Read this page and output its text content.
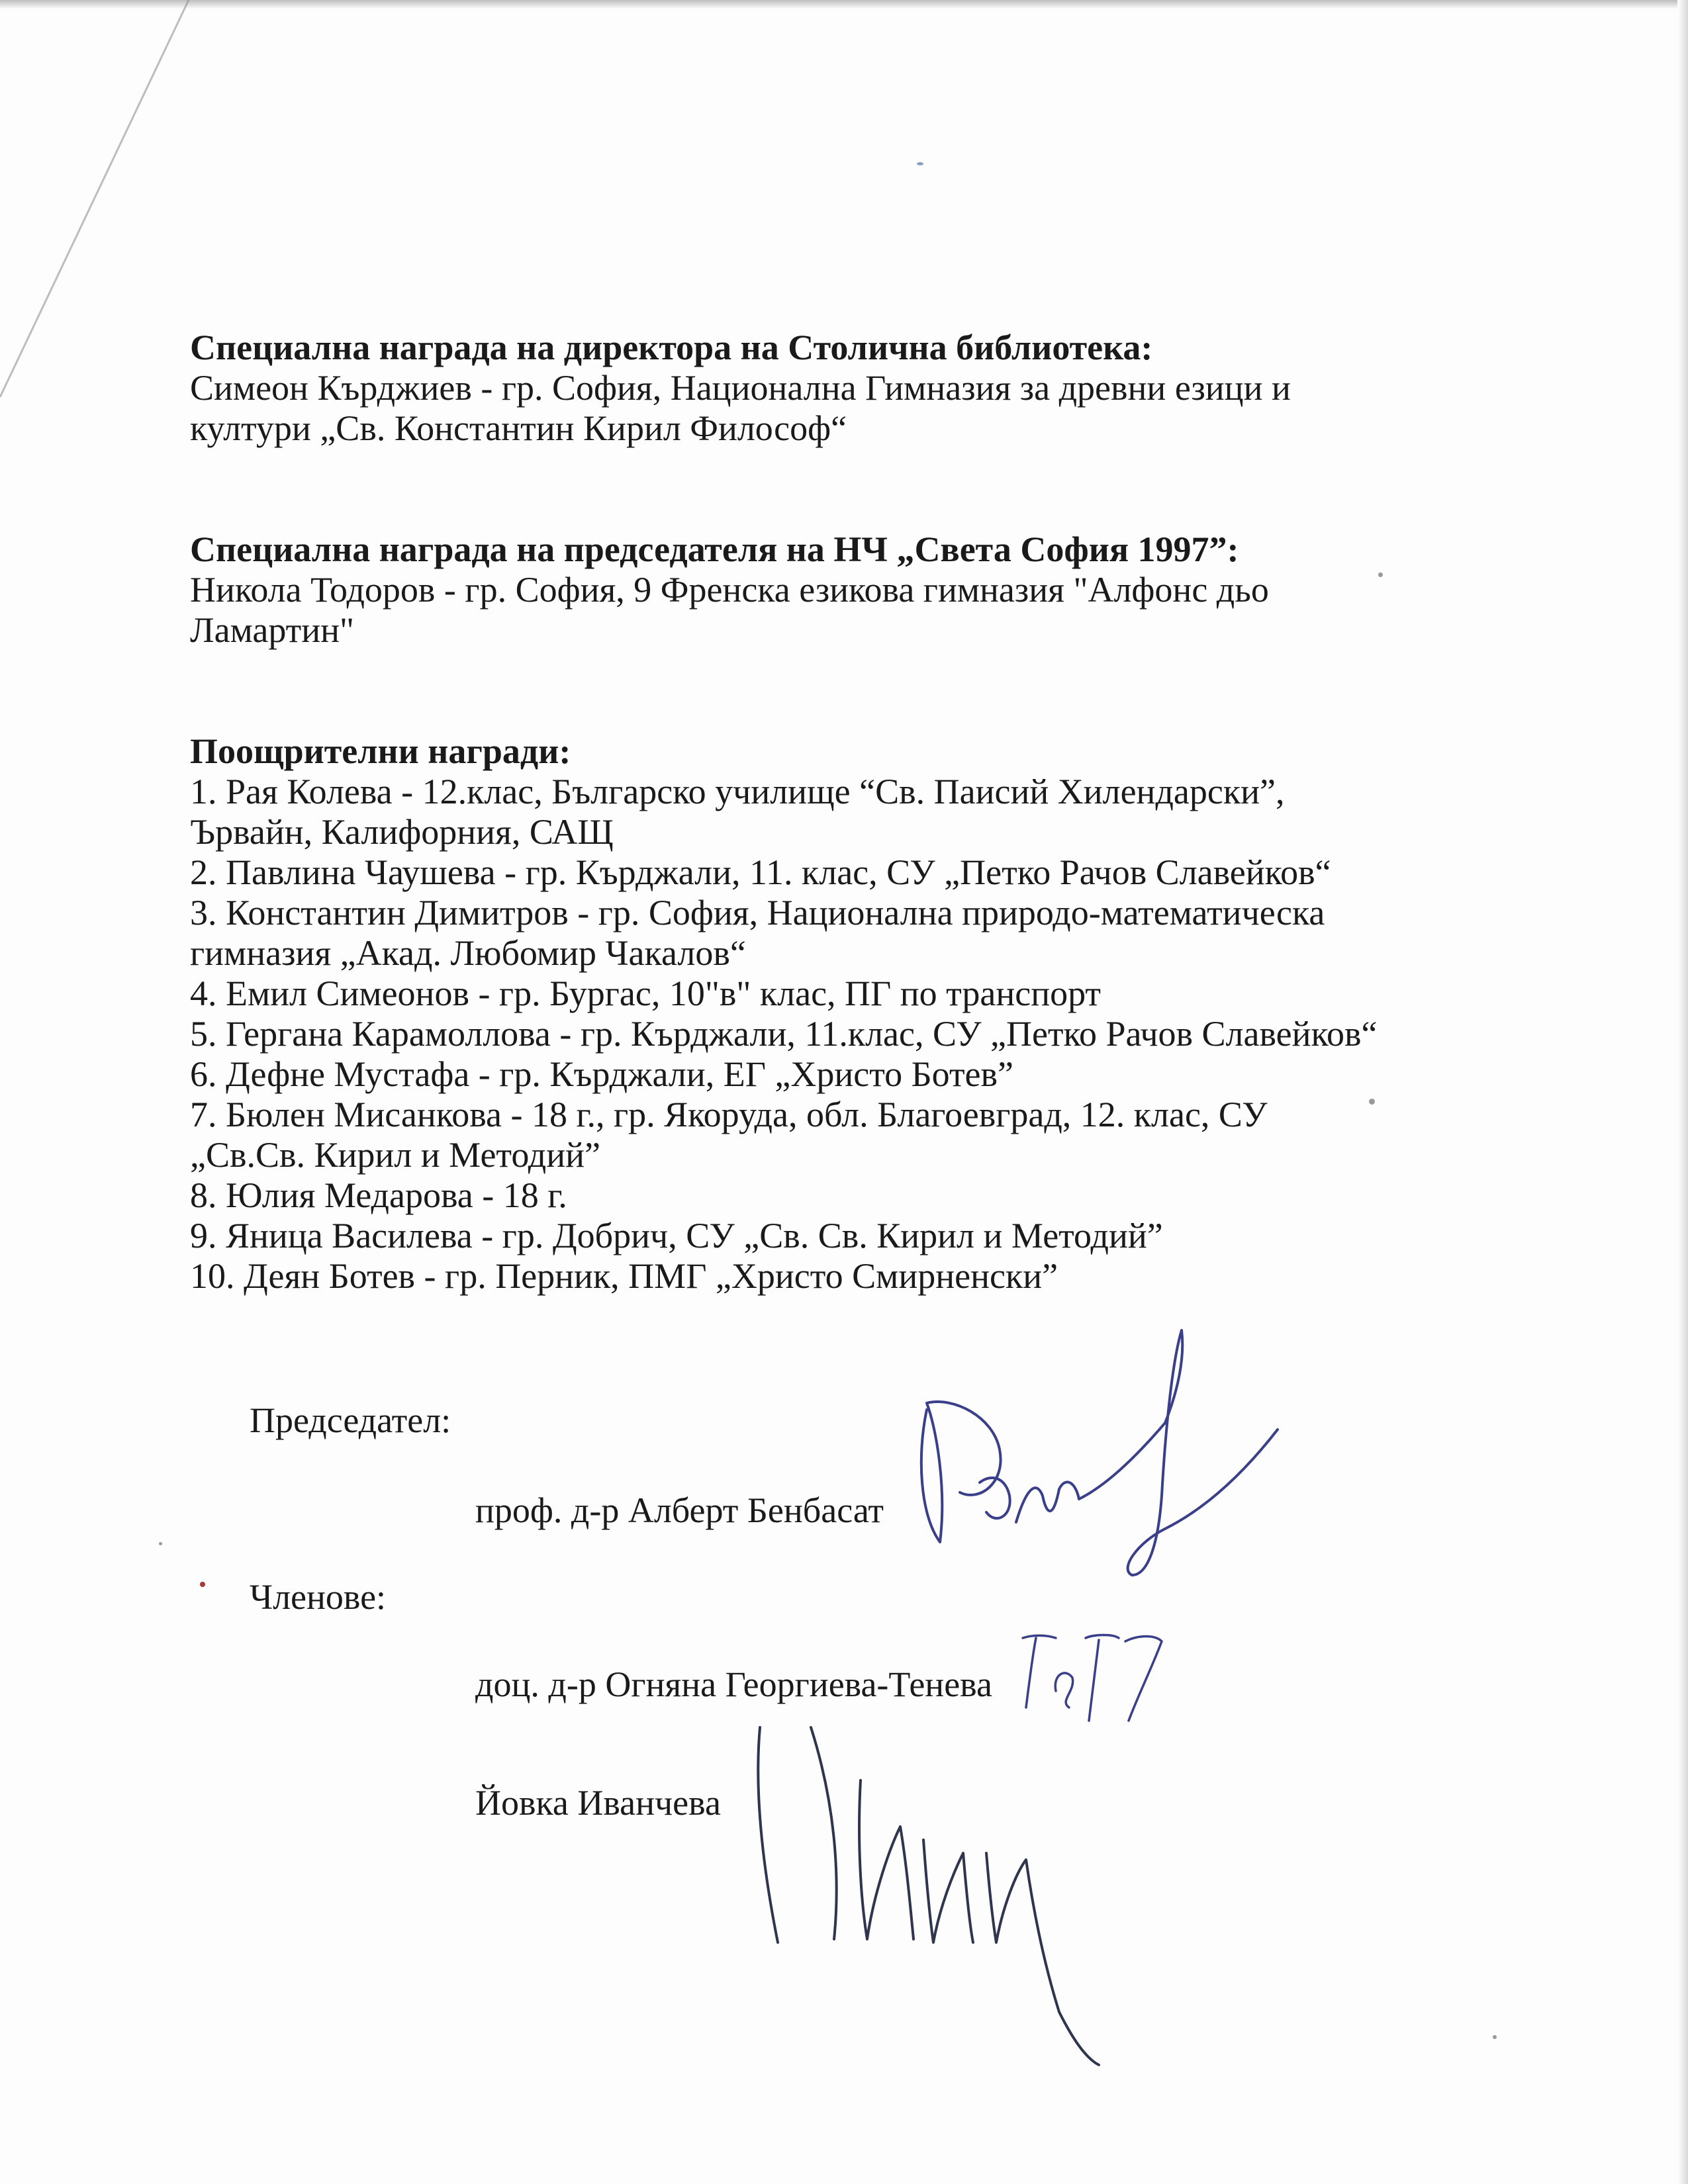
Специална награда на директора на Столична библиотека:

Симеон Кърджиев - гр. София, Национална Гимназия за древни езици и

култури „Св. Константин Кирил Философ“

Специална награда на председателя на НЧ „Света София 1997”:

Никола Тодоров - гр. София, 9 Френска езикова гимназия "Алфонс дьо

Ламартин"

Поощрителни награди:

1. Рая Колева - 12.клас, Българско училище “Св. Паисий Хилендарски”,
Ървайн, Калифорния, САЩ
2. Павлина Чаушева - гр. Кърджали, 11. клас, СУ „Петко Рачов Славейков“
3. Константин Димитров - гр. София, Национална природо-математическа
гимназия „Акад. Любомир Чакалов“
4. Емил Симеонов - гр. Бургас, 10"в" клас, ПГ по транспорт
5. Гергана Карамоллова - гр. Кърджали, 11.клас, СУ „Петко Рачов Славейков“
6. Дефне Мустафа - гр. Кърджали, ЕГ „Христо Ботев”
7. Бюлен Мисанкова - 18 г., гр. Якоруда, обл. Благоевград, 12. клас, СУ
„Св.Св. Кирил и Методий”
8. Юлия Медарова - 18 г.
9. Яница Василева - гр. Добрич, СУ „Св. Св. Кирил и Методий”
10. Деян Ботев - гр. Перник, ПМГ „Христо Смирненски”
Председател:
проф. д-р Алберт Бенбасат
Членове:
доц. д-р Огняна Георгиева-Тенева
Йовка Иванчева
